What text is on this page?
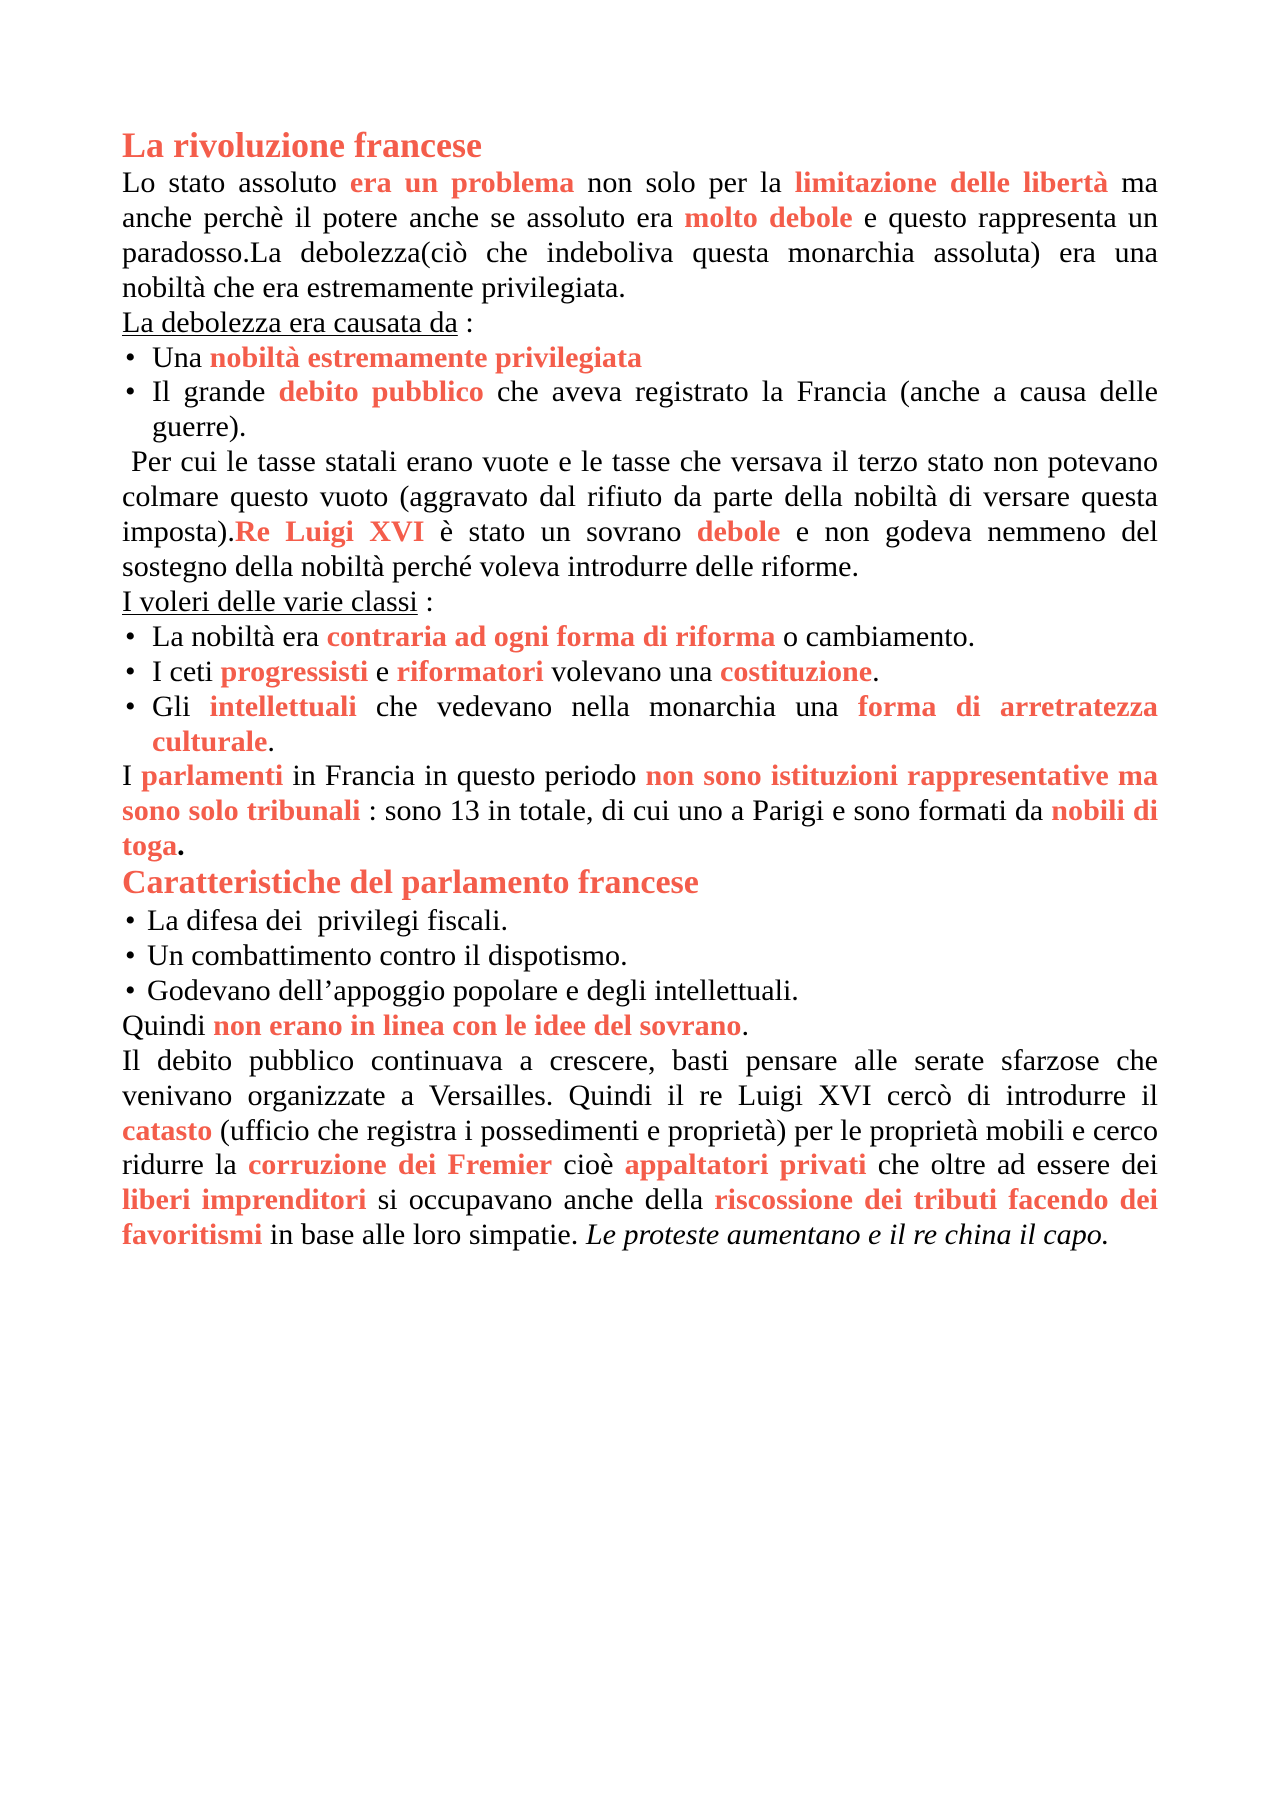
La rivoluzione francese

Lo stato assoluto era un problema non solo per la limitazione delle libertà ma anche perchè il potere anche se assoluto era molto debole e questo rappresenta un paradosso.La debolezza(ciò che indeboliva questa monarchia assoluta) era una nobiltà che era estremamente privilegiata.

La debolezza era causata da :

•
Una nobiltà estremamente privilegiata
•
Il grande debito pubblico che aveva registrato la Francia (anche a causa delle guerre).

Per cui le tasse statali erano vuote e le tasse che versava il terzo stato non potevano colmare questo vuoto (aggravato dal rifiuto da parte della nobiltà di versare questa imposta).Re Luigi XVI è stato un sovrano debole e non godeva nemmeno del sostegno della nobiltà perché voleva introdurre delle riforme.

I voleri delle varie classi :

•
La nobiltà era contraria ad ogni forma di riforma o cambiamento.
•
I ceti progressisti e riformatori volevano una costituzione.
•
Gli intellettuali che vedevano nella monarchia una forma di arretratezza culturale.

I parlamenti in Francia in questo periodo non sono istituzioni rappresentative ma sono solo tribunali : sono 13 in totale, di cui uno a Parigi e sono formati da nobili di toga.

Caratteristiche del parlamento francese
•
La difesa dei  privilegi fiscali.
•
Un combattimento contro il dispotismo.
•
Godevano dell’appoggio popolare e degli intellettuali.

Quindi non erano in linea con le idee del sovrano.

Il debito pubblico continuava a crescere, basti pensare alle serate sfarzose che venivano organizzate a Versailles. Quindi il re Luigi XVI cercò di introdurre il catasto (ufficio che registra i possedimenti e proprietà) per le proprietà mobili e cerco ridurre la corruzione dei Fremier cioè appaltatori privati che oltre ad essere dei liberi imprenditori si occupavano anche della riscossione dei tributi facendo dei favoritismi in base alle loro simpatie. Le proteste aumentano e il re china il capo.
